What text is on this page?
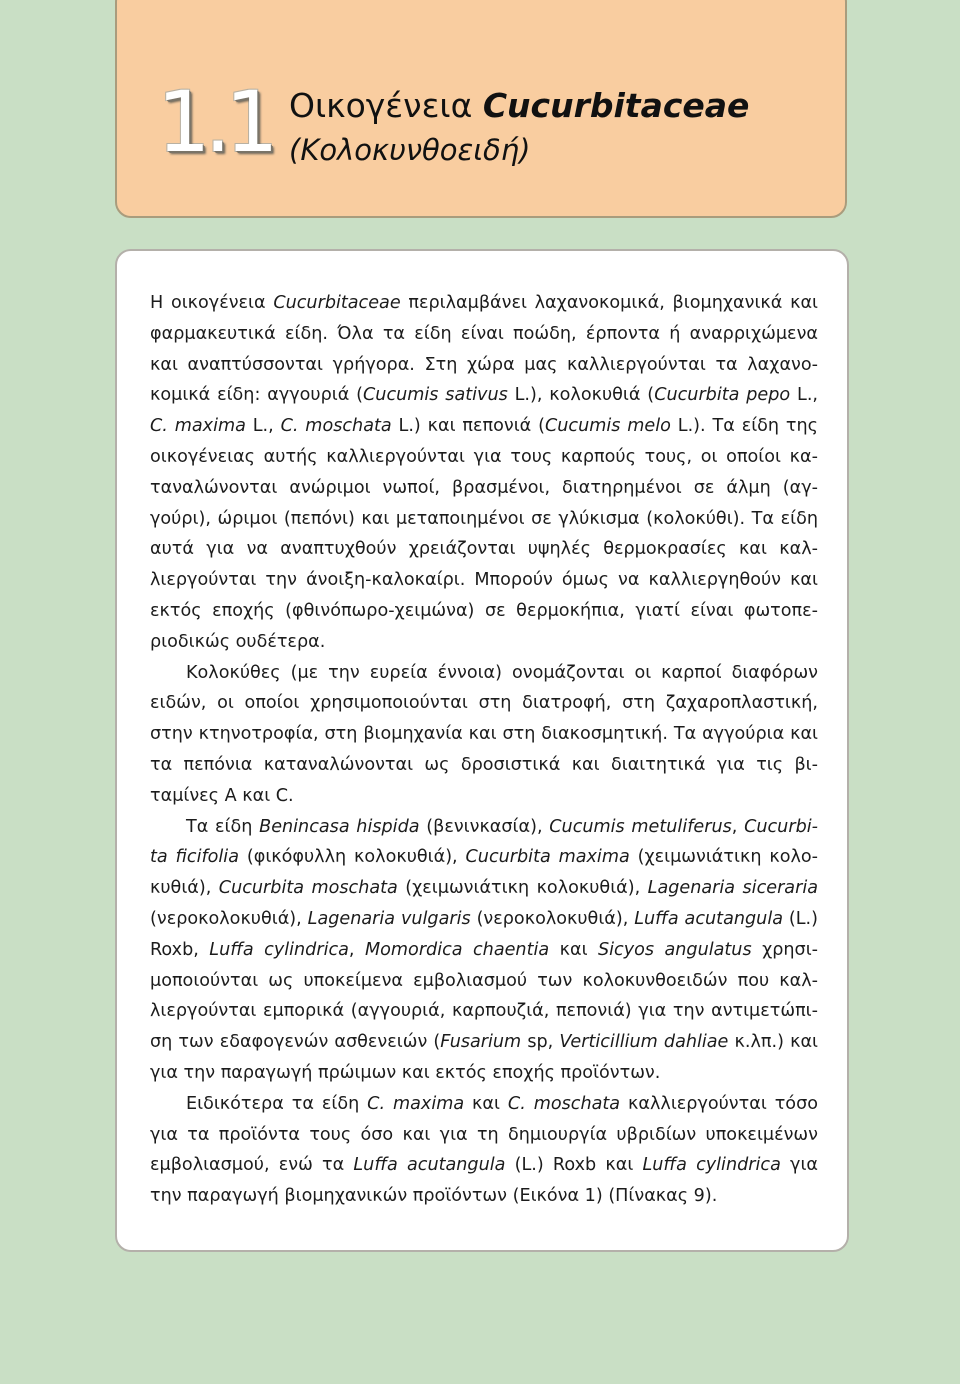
1.1 Οικογένεια Cucurbitaceae
(Κολοκυνθοειδή)

Η οικογένεια Cucurbitaceae περιλαμβάνει λαχανοκομικά, βιομηχανικά και φαρμακευτικά είδη. Όλα τα είδη είναι ποώδη, έρποντα ή αναρριχώμενα και αναπτύσσονται γρήγορα. Στη χώρα μας καλλιεργούνται τα λαχανοκομικά είδη: αγγουριά (Cucumis sativus L.), κολοκυθιά (Cucurbita pepo L., C. maxima L., C. moschata L.) και πεπονιά (Cucumis melo L.). Τα είδη της οικογένειας αυτής καλλιεργούνται για τους καρπούς τους, οι οποίοι καταναλώνονται ανώριμοι νωποί, βρασμένοι, διατηρημένοι σε άλμη (αγγούρι), ώριμοι (πεπόνι) και μεταποιημένοι σε γλύκισμα (κολοκύθι). Τα είδη αυτά για να αναπτυχθούν χρειάζονται υψηλές θερμοκρασίες και καλλιεργούνται την άνοιξη-καλοκαίρι. Μπορούν όμως να καλλιεργηθούν και εκτός εποχής (φθινόπωρο-χειμώνα) σε θερμοκήπια, γιατί είναι φωτοπεριοδικώς ουδέτερα.

Κολοκύθες (με την ευρεία έννοια) ονομάζονται οι καρποί διαφόρων ειδών, οι οποίοι χρησιμοποιούνται στη διατροφή, στη ζαχαροπλαστική, στην κτηνοτροφία, στη βιομηχανία και στη διακοσμητική. Τα αγγούρια και τα πεπόνια καταναλώνονται ως δροσιστικά και διαιτητικά για τις βιταμίνες Α και C.

Τα είδη Benincasa hispida (βενινκασία), Cucumis metuliferus, Cucurbita ficifolia (φικόφυλλη κολοκυθιά), Cucurbita maxima (χειμωνιάτικη κολοκυθιά), Cucurbita moschata (χειμωνιάτικη κολοκυθιά), Lagenaria siceraria (νεροκολοκυθιά), Lagenaria vulgaris (νεροκολοκυθιά), Luffa acutangula (L.) Roxb, Luffa cylindrica, Momordica chaentia και Sicyos angulatus χρησιμοποιούνται ως υποκείμενα εμβολιασμού των κολοκυνθοειδών που καλλιεργούνται εμπορικά (αγγουριά, καρπουζιά, πεπονιά) για την αντιμετώπιση των εδαφογενών ασθενειών (Fusarium sp, Verticillium dahliae κ.λπ.) και για την παραγωγή πρώιμων και εκτός εποχής προϊόντων.

Ειδικότερα τα είδη C. maxima και C. moschata καλλιεργούνται τόσο για τα προϊόντα τους όσο και για τη δημιουργία υβριδίων υποκειμένων εμβολιασμού, ενώ τα Luffa acutangula (L.) Roxb και Luffa cylindrica για την παραγωγή βιομηχανικών προϊόντων (Εικόνα 1) (Πίνακας 9).
